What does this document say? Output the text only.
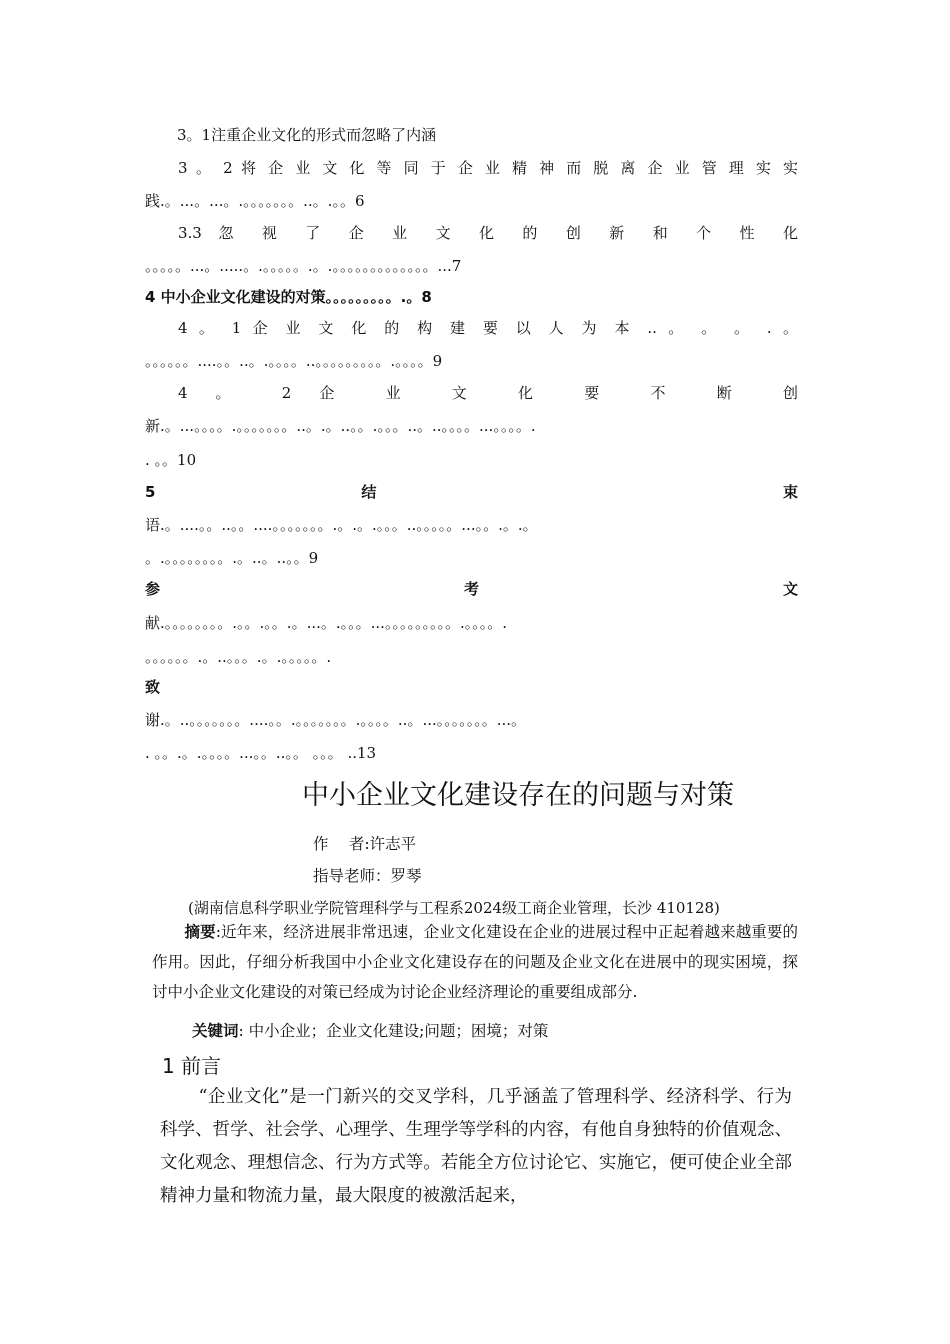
3。1注重企业文化的形式而忽略了内涵
3 。 2 将 企 业 文 化 等 同 于 企 业 精 神 而 脱 离 企 业 管 理 实 实
践.。...。...。.。。。。。。。..。.。。6
3.3 忽 视 了 企 业 文 化 的 创 新 和 个 性 化
。。。。。...。.....。.。。。。。.。.。。。。。。。。。。。。。...7
4 中小企业文化建设的对策。。。。。。。。。.。8
4 。 1 企 业 文 化 的 构 建 要 以 人 为 本 .. 。 。 。 . 。
。。。。。。....。。..。.。。。。..。。。。。。。。。.。。。。9
4 。 2 企 业 文 化 要 不 断 创
新.。...。。。。.。。。。。。。..。.。..。。.。。。..。..。。。。...。。。。.
. 。。10
5 结 束
语.。....。。..。。....。。。。。。。.。.。.。。。..。。。。。...。。.。.。
。.。。。。。。。。.。..。..。。9
参 考 文
献.。。。。。。。。.。。.。。.。...。.。。。...。。。。。。。。。.。。。。.
。。。。。。.。..。。。.。.。。。。。.
致
谢.。..。。。。。。。....。。.。。。。。。。.。。。。..。...。。。。。。。...。
. 。。.。.。。。。...。。..。。 。。。 ..13
中小企业文化建设存在的问题与对策
作　 者:许志平
指导老师：罗琴
(湖南信息科学职业学院管理科学与工程系2024级工商企业管理，长沙 410128)

摘要:近年来，经济进展非常迅速，企业文化建设在企业的进展过程中正起着越来越重要的作用。因此，仔细分析我国中小企业文化建设存在的问题及企业文化在进展中的现实困境，探讨中小企业文化建设的对策已经成为讨论企业经济理论的重要组成部分.

关键词: 中小企业；企业文化建设;问题；困境；对策
1 前言

“企业文化”是一门新兴的交叉学科，几乎涵盖了管理科学、经济科学、行为科学、哲学、社会学、心理学、生理学等学科的内容，有他自身独特的价值观念、文化观念、理想信念、行为方式等。若能全方位讨论它、实施它，便可使企业全部精神力量和物流力量，最大限度的被激活起来，
